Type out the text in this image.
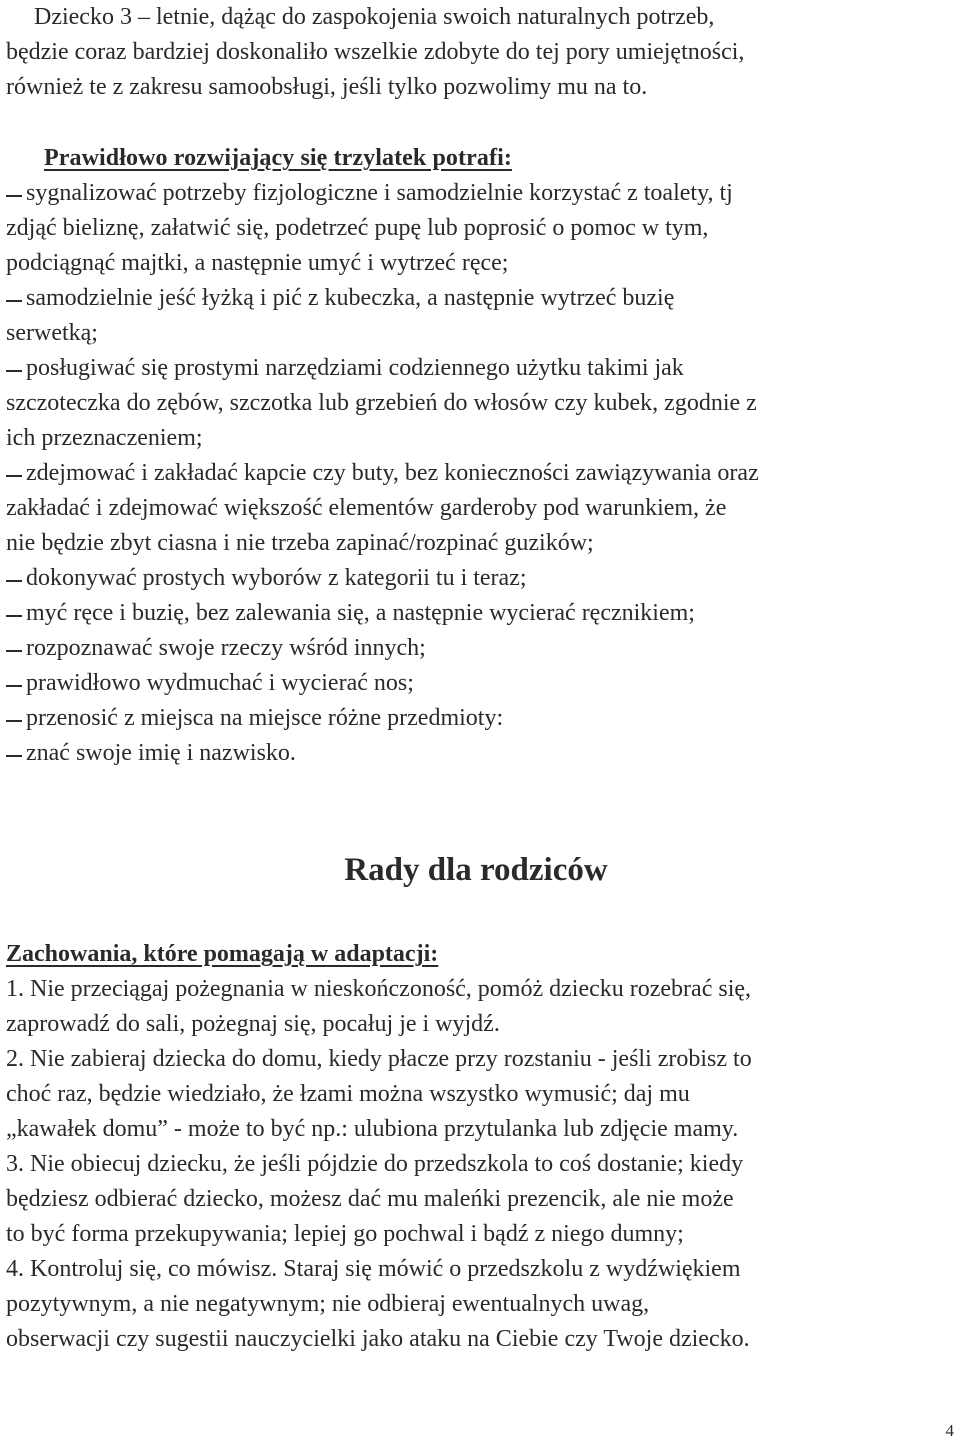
Dziecko 3 – letnie, dążąc do zaspokojenia swoich naturalnych potrzeb,
będzie coraz bardziej doskonaliło wszelkie zdobyte do tej pory umiejętności,
również te z zakresu samoobsługi, jeśli tylko pozwolimy mu na to.
Prawidłowo rozwijający się trzylatek potrafi:
sygnalizować potrzeby fizjologiczne i samodzielnie korzystać z toalety, tj
zdjąć bieliznę, załatwić się, podetrzeć pupę lub poprosić o pomoc w tym,
podciągnąć majtki, a następnie umyć i wytrzeć ręce;
samodzielnie jeść łyżką i pić z kubeczka, a następnie wytrzeć buzię
serwetką;
posługiwać się prostymi narzędziami codziennego użytku takimi jak
szczoteczka do zębów, szczotka lub grzebień do włosów czy kubek, zgodnie z
ich przeznaczeniem;
zdejmować i zakładać kapcie czy buty, bez konieczności zawiązywania oraz
zakładać i zdejmować większość elementów garderoby pod warunkiem, że
nie będzie zbyt ciasna i nie trzeba zapinać/rozpinać guzików;
dokonywać prostych wyborów z kategorii tu i teraz;
myć ręce i buzię, bez zalewania się, a następnie wycierać ręcznikiem;
rozpoznawać swoje rzeczy wśród innych;
prawidłowo wydmuchać i wycierać nos;
przenosić z miejsca na miejsce różne przedmioty:
znać swoje imię i nazwisko.
Rady dla rodziców
Zachowania, które pomagają w adaptacji:
1. Nie przeciągaj pożegnania w nieskończoność, pomóż dziecku rozebrać się,
zaprowadź do sali, pożegnaj się, pocałuj je i wyjdź.
2. Nie zabieraj dziecka do domu, kiedy płacze przy rozstaniu - jeśli zrobisz to
choć raz, będzie wiedziało, że łzami można wszystko wymusić; daj mu
„kawałek domu” - może to być np.: ulubiona przytulanka lub zdjęcie mamy.
3. Nie obiecuj dziecku, że jeśli pójdzie do przedszkola to coś dostanie; kiedy
będziesz odbierać dziecko, możesz dać mu maleńki prezencik, ale nie może
to być forma przekupywania; lepiej go pochwal i bądź z niego dumny;
4. Kontroluj się, co mówisz. Staraj się mówić o przedszkolu z wydźwiękiem
pozytywnym, a nie negatywnym; nie odbieraj ewentualnych uwag,
obserwacji czy sugestii nauczycielki jako ataku na Ciebie czy Twoje dziecko.
4
